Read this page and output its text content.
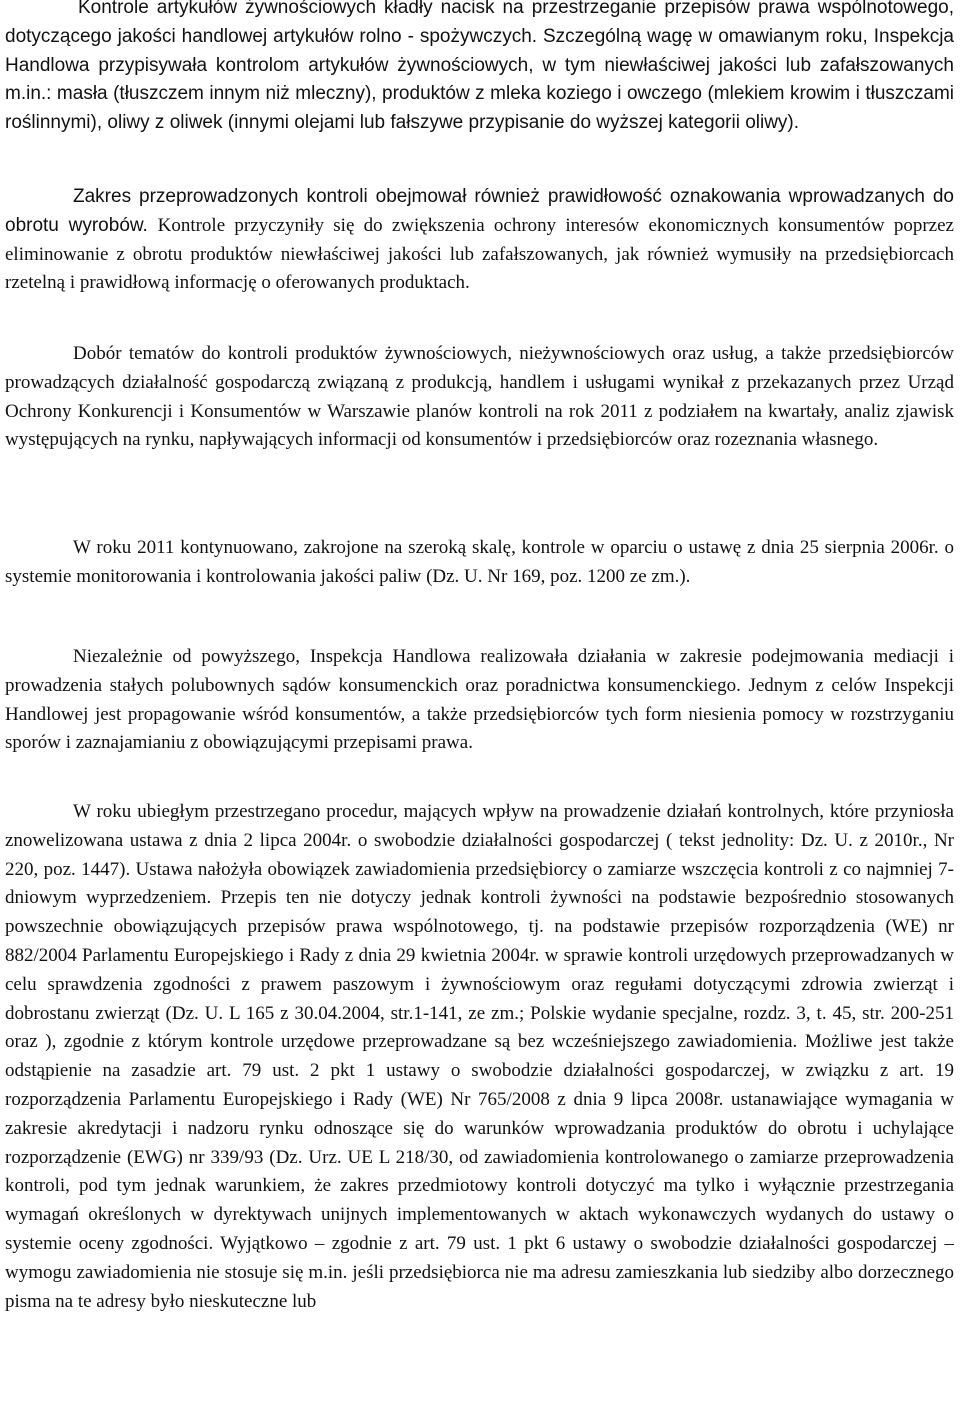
Kontrole artykułów żywnościowych kładły nacisk na przestrzeganie przepisów prawa wspólnotowego, dotyczącego jakości handlowej artykułów rolno - spożywczych. Szczególną wagę w omawianym roku, Inspekcja Handlowa przypisywała kontrolom artykułów żywnościowych, w tym niewłaściwej jakości lub zafałszowanych m.in.: masła (tłuszczem innym niż mleczny), produktów z mleka koziego i owczego (mlekiem krowim i tłuszczami roślinnymi), oliwy z oliwek (innymi olejami lub fałszywe przypisanie do wyższej kategorii oliwy).

Zakres przeprowadzonych kontroli obejmował również prawidłowość oznakowania wprowadzanych do obrotu wyrobów. Kontrole przyczyniły się do zwiększenia ochrony interesów ekonomicznych konsumentów poprzez eliminowanie z obrotu produktów niewłaściwej jakości lub zafałszowanych, jak również wymusiły na przedsiębiorcach rzetelną i prawidłową informację o oferowanych produktach.

Dobór tematów do kontroli produktów żywnościowych, nieżywnościowych oraz usług, a także przedsiębiorców prowadzących działalność gospodarczą związaną z produkcją, handlem i usługami wynikał z przekazanych przez Urząd Ochrony Konkurencji i Konsumentów w Warszawie planów kontroli na rok 2011 z podziałem na kwartały, analiz zjawisk występujących na rynku, napływających informacji od konsumentów i przedsiębiorców oraz rozeznania własnego.

W roku 2011 kontynuowano, zakrojone na szeroką skalę, kontrole w oparciu o ustawę z dnia 25 sierpnia 2006r. o systemie monitorowania i kontrolowania jakości paliw (Dz. U. Nr 169, poz. 1200 ze zm.).

Niezależnie od powyższego, Inspekcja Handlowa realizowała działania w zakresie podejmowania mediacji i prowadzenia stałych polubownych sądów konsumenckich oraz poradnictwa konsumenckiego. Jednym z celów Inspekcji Handlowej jest propagowanie wśród konsumentów, a także przedsiębiorców tych form niesienia pomocy w rozstrzyganiu sporów i zaznajamianiu z obowiązującymi przepisami prawa.

W roku ubiegłym przestrzegano procedur, mających wpływ na prowadzenie działań kontrolnych, które przyniosła znowelizowana ustawa z dnia 2 lipca 2004r. o swobodzie działalności gospodarczej ( tekst jednolity: Dz. U. z 2010r., Nr 220, poz. 1447). Ustawa nałożyła obowiązek zawiadomienia przedsiębiorcy o zamiarze wszczęcia kontroli z co najmniej 7-dniowym wyprzedzeniem. Przepis ten nie dotyczy jednak kontroli żywności na podstawie bezpośrednio stosowanych powszechnie obowiązujących przepisów prawa wspólnotowego, tj. na podstawie przepisów rozporządzenia (WE) nr 882/2004 Parlamentu Europejskiego i Rady z dnia 29 kwietnia 2004r. w sprawie kontroli urzędowych przeprowadzanych w celu sprawdzenia zgodności z prawem paszowym i żywnościowym oraz regułami dotyczącymi zdrowia zwierząt i dobrostanu zwierząt (Dz. U. L 165 z 30.04.2004, str.1-141, ze zm.; Polskie wydanie specjalne, rozdz. 3, t. 45, str. 200-251 oraz ), zgodnie z którym kontrole urzędowe przeprowadzane są bez wcześniejszego zawiadomienia. Możliwe jest także odstąpienie na zasadzie art. 79 ust. 2 pkt 1 ustawy o swobodzie działalności gospodarczej, w związku z art. 19 rozporządzenia Parlamentu Europejskiego i Rady (WE) Nr 765/2008 z dnia 9 lipca 2008r. ustanawiające wymagania w zakresie akredytacji i nadzoru rynku odnoszące się do warunków wprowadzania produktów do obrotu i uchylające rozporządzenie (EWG) nr 339/93 (Dz. Urz. UE L 218/30, od zawiadomienia kontrolowanego o zamiarze przeprowadzenia kontroli, pod tym jednak warunkiem, że zakres przedmiotowy kontroli dotyczyć ma tylko i wyłącznie przestrzegania wymagań określonych w dyrektywach unijnych implementowanych w aktach wykonawczych wydanych do ustawy o systemie oceny zgodności. Wyjątkowo – zgodnie z art. 79 ust. 1 pkt 6 ustawy o swobodzie działalności gospodarczej – wymogu zawiadomienia nie stosuje się m.in. jeśli przedsiębiorca nie ma adresu zamieszkania lub siedziby albo dorzecznego pisma na te adresy było nieskuteczne lub
